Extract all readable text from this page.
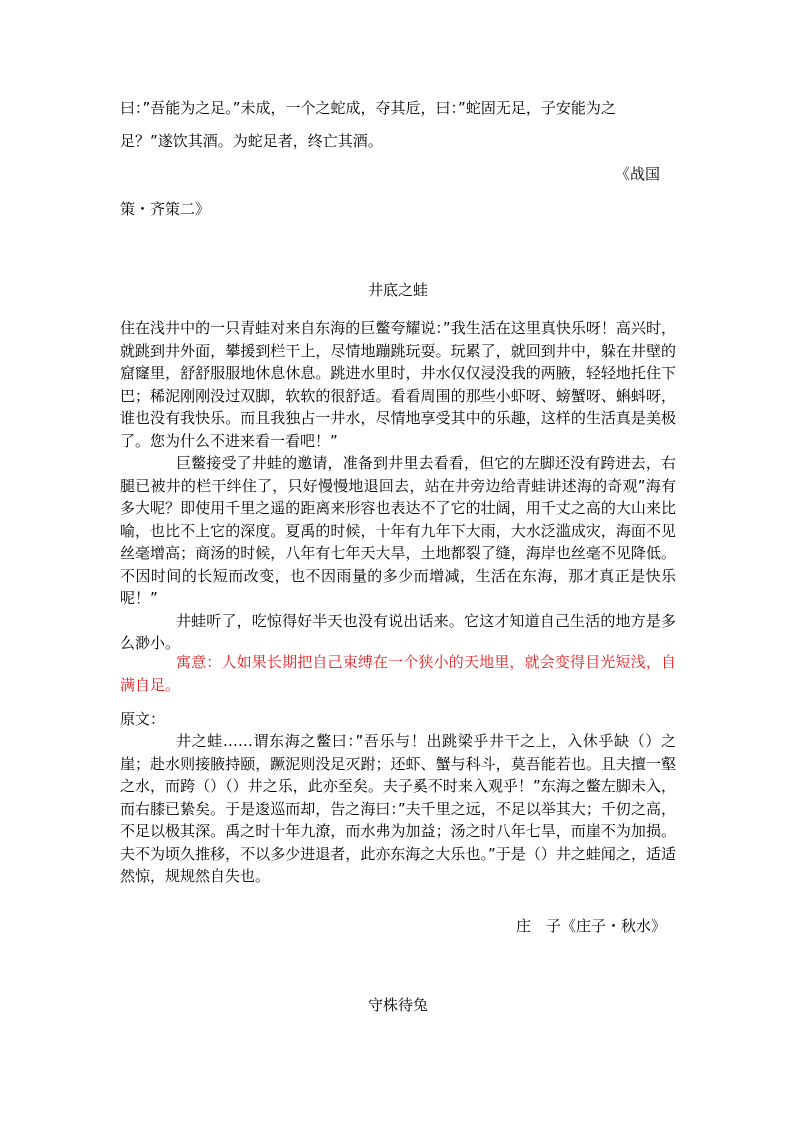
曰：”吾能为之足。”未成，一个之蛇成，夺其卮，曰：”蛇固无足，子安能为之

足？”遂饮其酒。为蛇足者，终亡其酒。

《战国

策・齐策二》

井底之蛙

住在浅井中的一只青蛙对来自东海的巨鳖夸耀说：”我生活在这里真快乐呀！高兴时，就跳到井外面，攀援到栏干上，尽情地蹦跳玩耍。玩累了，就回到井中，躲在井壁的窟窿里，舒舒服服地休息休息。跳进水里时，井水仅仅浸没我的两腋，轻轻地托住下巴；稀泥刚刚没过双脚，软软的很舒适。看看周围的那些小虾呀、螃蟹呀、蝌蚪呀，谁也没有我快乐。而且我独占一井水，尽情地享受其中的乐趣，这样的生活真是美极了。您为什么不进来看一看吧！”

巨鳖接受了井蛙的邀请，准备到井里去看看，但它的左脚还没有跨进去，右腿已被井的栏干绊住了，只好慢慢地退回去，站在井旁边给青蛙讲述海的奇观”海有多大呢？即使用千里之遥的距离来形容也表达不了它的壮阔，用千丈之高的大山来比喻，也比不上它的深度。夏禹的时候，十年有九年下大雨，大水泛滥成灾，海面不见丝毫增高；商汤的时候，八年有七年天大旱，土地都裂了缝，海岸也丝毫不见降低。不因时间的长短而改变，也不因雨量的多少而增减，生活在东海，那才真正是快乐呢！”

井蛙听了，吃惊得好半天也没有说出话来。它这才知道自己生活的地方是多么渺小。

寓意：人如果长期把自己束缚在一个狭小的天地里，就会变得目光短浅，自满自足。

原文：

井之蛙……谓东海之鳖曰：”吾乐与！出跳梁乎井干之上，入休乎缺（）之崖；赴水则接腋持颐，蹶泥则没足灭跗；还虾、蟹与科斗，莫吾能若也。且夫擅一壑之水，而跨（）（）井之乐，此亦至矣。夫子奚不时来入观乎！”东海之鳖左脚未入，而右膝已絷矣。于是逡巡而却，告之海曰：”夫千里之远，不足以举其大；千仞之高，不足以极其深。禹之时十年九潦，而水弗为加益；汤之时八年七旱，而崖不为加损。夫不为顷久推移，不以多少进退者，此亦东海之大乐也。”于是（）井之蛙闻之，适适然惊，规规然自失也。

庄　子《庄子・秋水》

守株待兔
